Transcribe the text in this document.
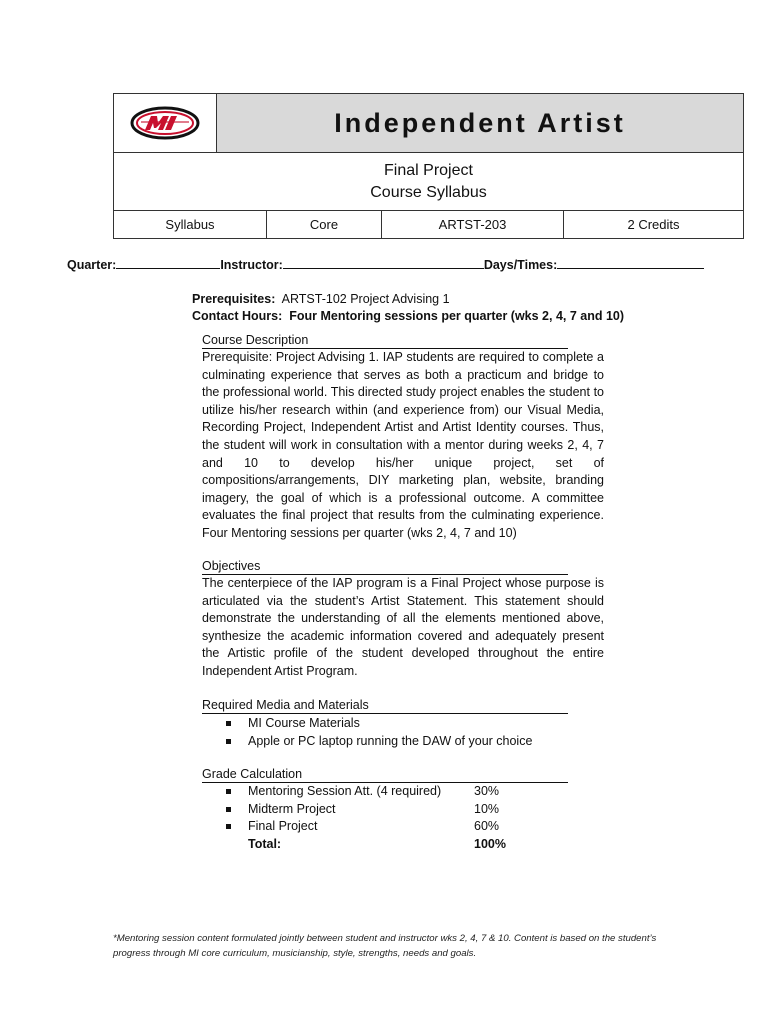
Independent Artist
Final Project
Course Syllabus
Syllabus	Core	ARTST-203	2 Credits
Quarter:	Instructor:	Days/Times:
Prerequisites: ARTST-102 Project Advising 1
Contact Hours: Four Mentoring sessions per quarter (wks 2, 4, 7 and 10)
Course Description
Prerequisite: Project Advising 1. IAP students are required to complete a culminating experience that serves as both a practicum and bridge to the professional world. This directed study project enables the student to utilize his/her research within (and experience from) our Visual Media, Recording Project, Independent Artist and Artist Identity courses. Thus, the student will work in consultation with a mentor during weeks 2, 4, 7 and 10 to develop his/her unique project, set of compositions/arrangements, DIY marketing plan, website, branding imagery, the goal of which is a professional outcome. A committee evaluates the final project that results from the culminating experience. Four Mentoring sessions per quarter (wks 2, 4, 7 and 10)
Objectives
The centerpiece of the IAP program is a Final Project whose purpose is articulated via the student’s Artist Statement. This statement should demonstrate the understanding of all the elements mentioned above, synthesize the academic information covered and adequately present the Artistic profile of the student developed throughout the entire Independent Artist Program.
Required Media and Materials
MI Course Materials
Apple or PC laptop running the DAW of your choice
Grade Calculation
Mentoring Session Att. (4 required)	30%
Midterm Project	10%
Final Project	60%
Total:	100%
*Mentoring session content formulated jointly between student and instructor wks 2, 4, 7 & 10. Content is based on the student’s progress through MI core curriculum, musicianship, style, strengths, needs and goals.
